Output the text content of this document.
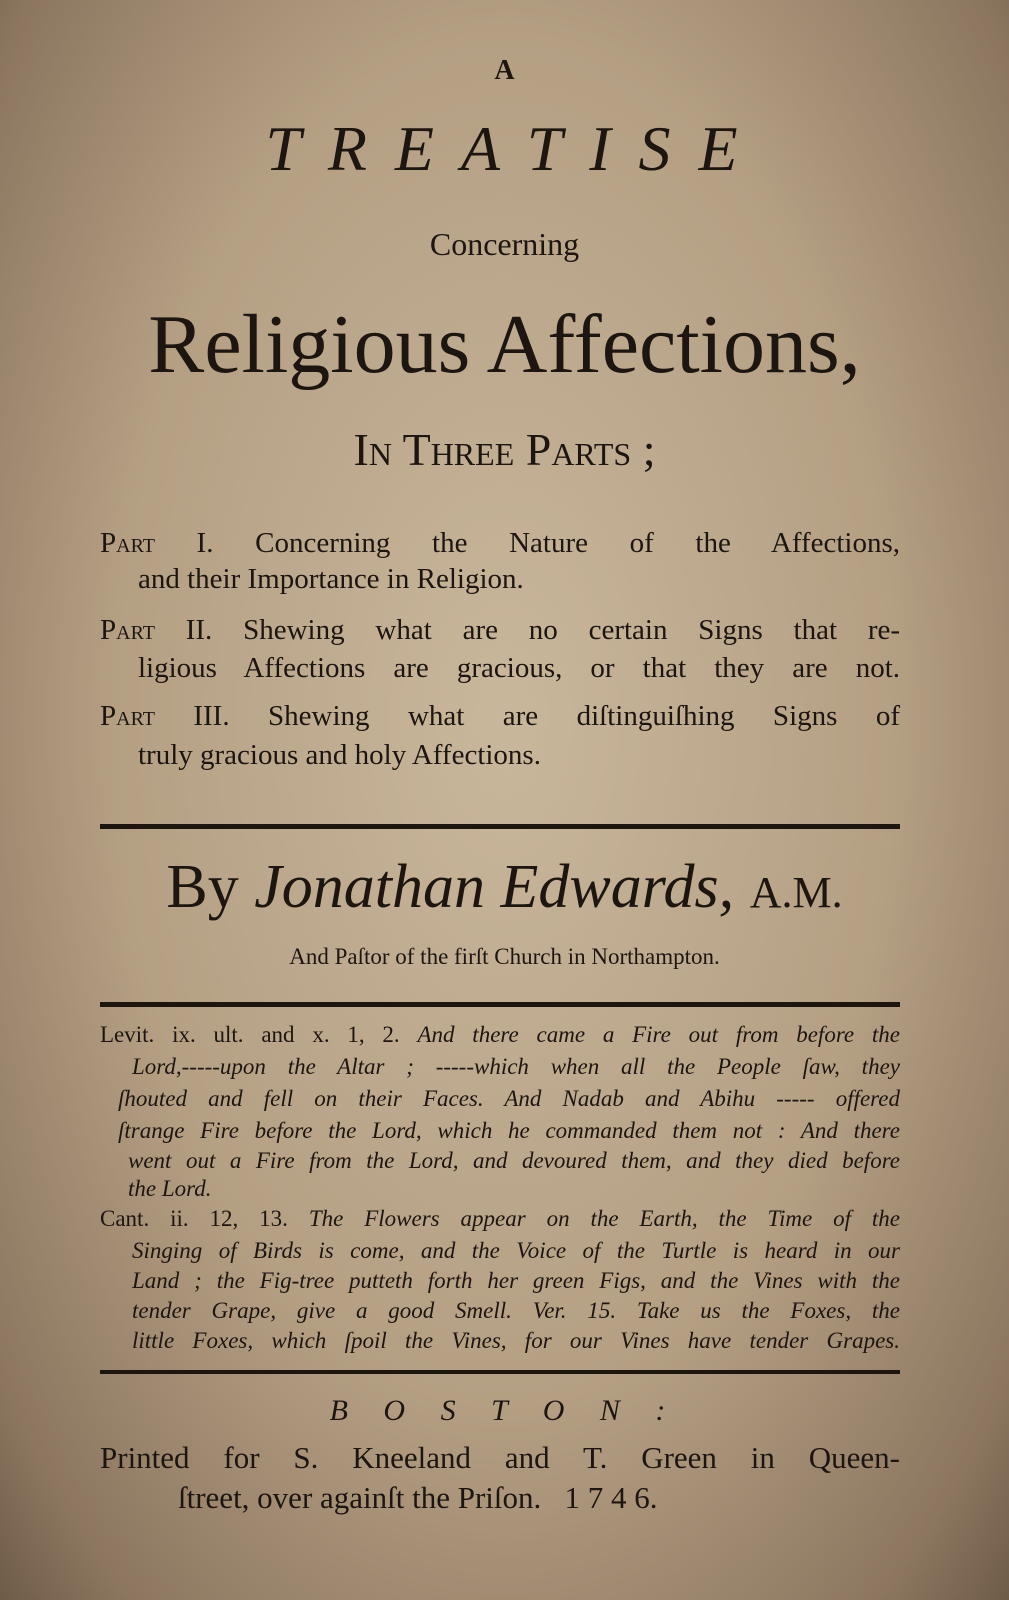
A
T R E A T I S E
Concerning
Religious Affections,
In Three Parts ;
Part I. Concerning the Nature of the Affections,
and their Importance in Religion.
Part II. Shewing what are no certain Signs that re-
ligious Affections are gracious, or that they are not.
Part III. Shewing what are diſtinguiſhing Signs of
truly gracious and holy Affections.
By Jonathan Edwards, A.M.
And Paſtor of the firſt Church in Northampton.
Levit. ix. ult. and x. 1, 2. And there came a Fire out from before the
Lord,-----upon the Altar ; -----which when all the People ſaw, they
ſhouted and fell on their Faces. And Nadab and Abihu ----- offered
ſtrange Fire before the Lord, which he commanded them not : And there
went out a Fire from the Lord, and devoured them, and they died before
the Lord.
Cant. ii. 12, 13. The Flowers appear on the Earth, the Time of the
Singing of Birds is come, and the Voice of the Turtle is heard in our
Land ; the Fig-tree putteth forth her green Figs, and the Vines with the
tender Grape, give a good Smell. Ver. 15. Take us the Foxes, the
little Foxes, which ſpoil the Vines, for our Vines have tender Grapes.
B O S T O N :
Printed for S. Kneeland and T. Green in Queen-
ſtreet, over againſt the Priſon. 1 7 4 6.
